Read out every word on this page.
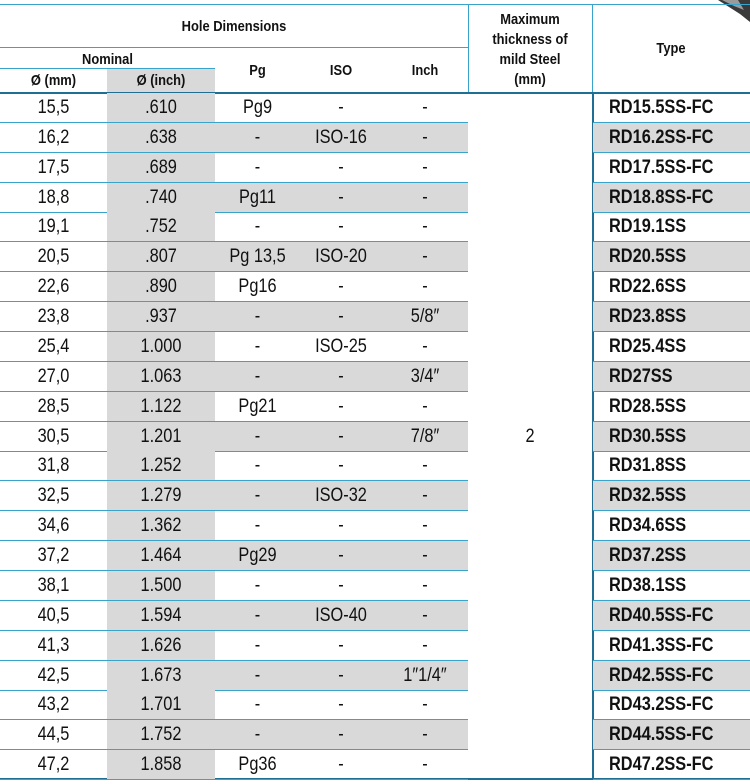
Hole Dimensions
Nominal
Ø (mm)	Ø (inch)
Pg	ISO	Inch
Maximum
thickness of
mild Steel
(mm)
Type
15,5	.610	Pg9	-	-	RD15.5SS-FC
16,2	.638	-	ISO-16	-	RD16.2SS-FC
17,5	.689	-	-	-	RD17.5SS-FC
18,8	.740	Pg11	-	-	RD18.8SS-FC
19,1	.752	-	-	-	RD19.1SS
20,5	.807	Pg 13,5	ISO-20	-	RD20.5SS
22,6	.890	Pg16	-	-	RD22.6SS
23,8	.937	-	-	5/8″	RD23.8SS
25,4	1.000	-	ISO-25	-	RD25.4SS
27,0	1.063	-	-	3/4″	RD27SS
28,5	1.122	Pg21	-	-	RD28.5SS
30,5	1.201	-	-	7/8″	RD30.5SS
31,8	1.252	-	-	-	RD31.8SS
32,5	1.279	-	ISO-32	-	RD32.5SS
34,6	1.362	-	-	-	RD34.6SS
37,2	1.464	Pg29	-	-	RD37.2SS
38,1	1.500	-	-	-	RD38.1SS
40,5	1.594	-	ISO-40	-	RD40.5SS-FC
41,3	1.626	-	-	-	RD41.3SS-FC
42,5	1.673	-	-	1″1/4″	RD42.5SS-FC
43,2	1.701	-	-	-	RD43.2SS-FC
44,5	1.752	-	-	-	RD44.5SS-FC
47,2	1.858	Pg36	-	-	RD47.2SS-FC
2
